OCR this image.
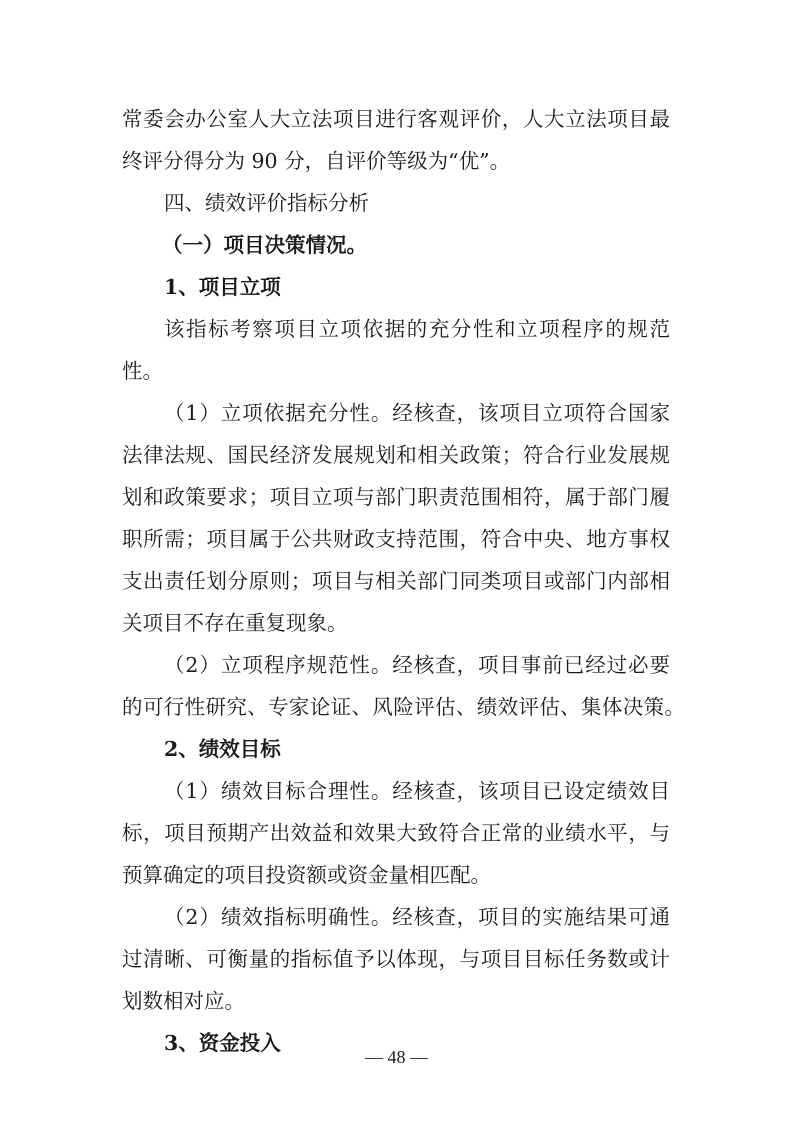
常委会办公室人大立法项目进行客观评价，人大立法项目最
终评分得分为 90 分，自评价等级为“优”。
四、绩效评价指标分析
（一）项目决策情况。
1、项目立项
该指标考察项目立项依据的充分性和立项程序的规范
性。
（1）立项依据充分性。经核查，该项目立项符合国家
法律法规、国民经济发展规划和相关政策；符合行业发展规
划和政策要求；项目立项与部门职责范围相符，属于部门履
职所需；项目属于公共财政支持范围，符合中央、地方事权
支出责任划分原则；项目与相关部门同类项目或部门内部相
关项目不存在重复现象。
（2）立项程序规范性。经核查，项目事前已经过必要
的可行性研究、专家论证、风险评估、绩效评估、集体决策。
2、绩效目标
（1）绩效目标合理性。经核查，该项目已设定绩效目
标，项目预期产出效益和效果大致符合正常的业绩水平，与
预算确定的项目投资额或资金量相匹配。
（2）绩效指标明确性。经核查，项目的实施结果可通
过清晰、可衡量的指标值予以体现，与项目目标任务数或计
划数相对应。
3、资金投入
— 48 —
